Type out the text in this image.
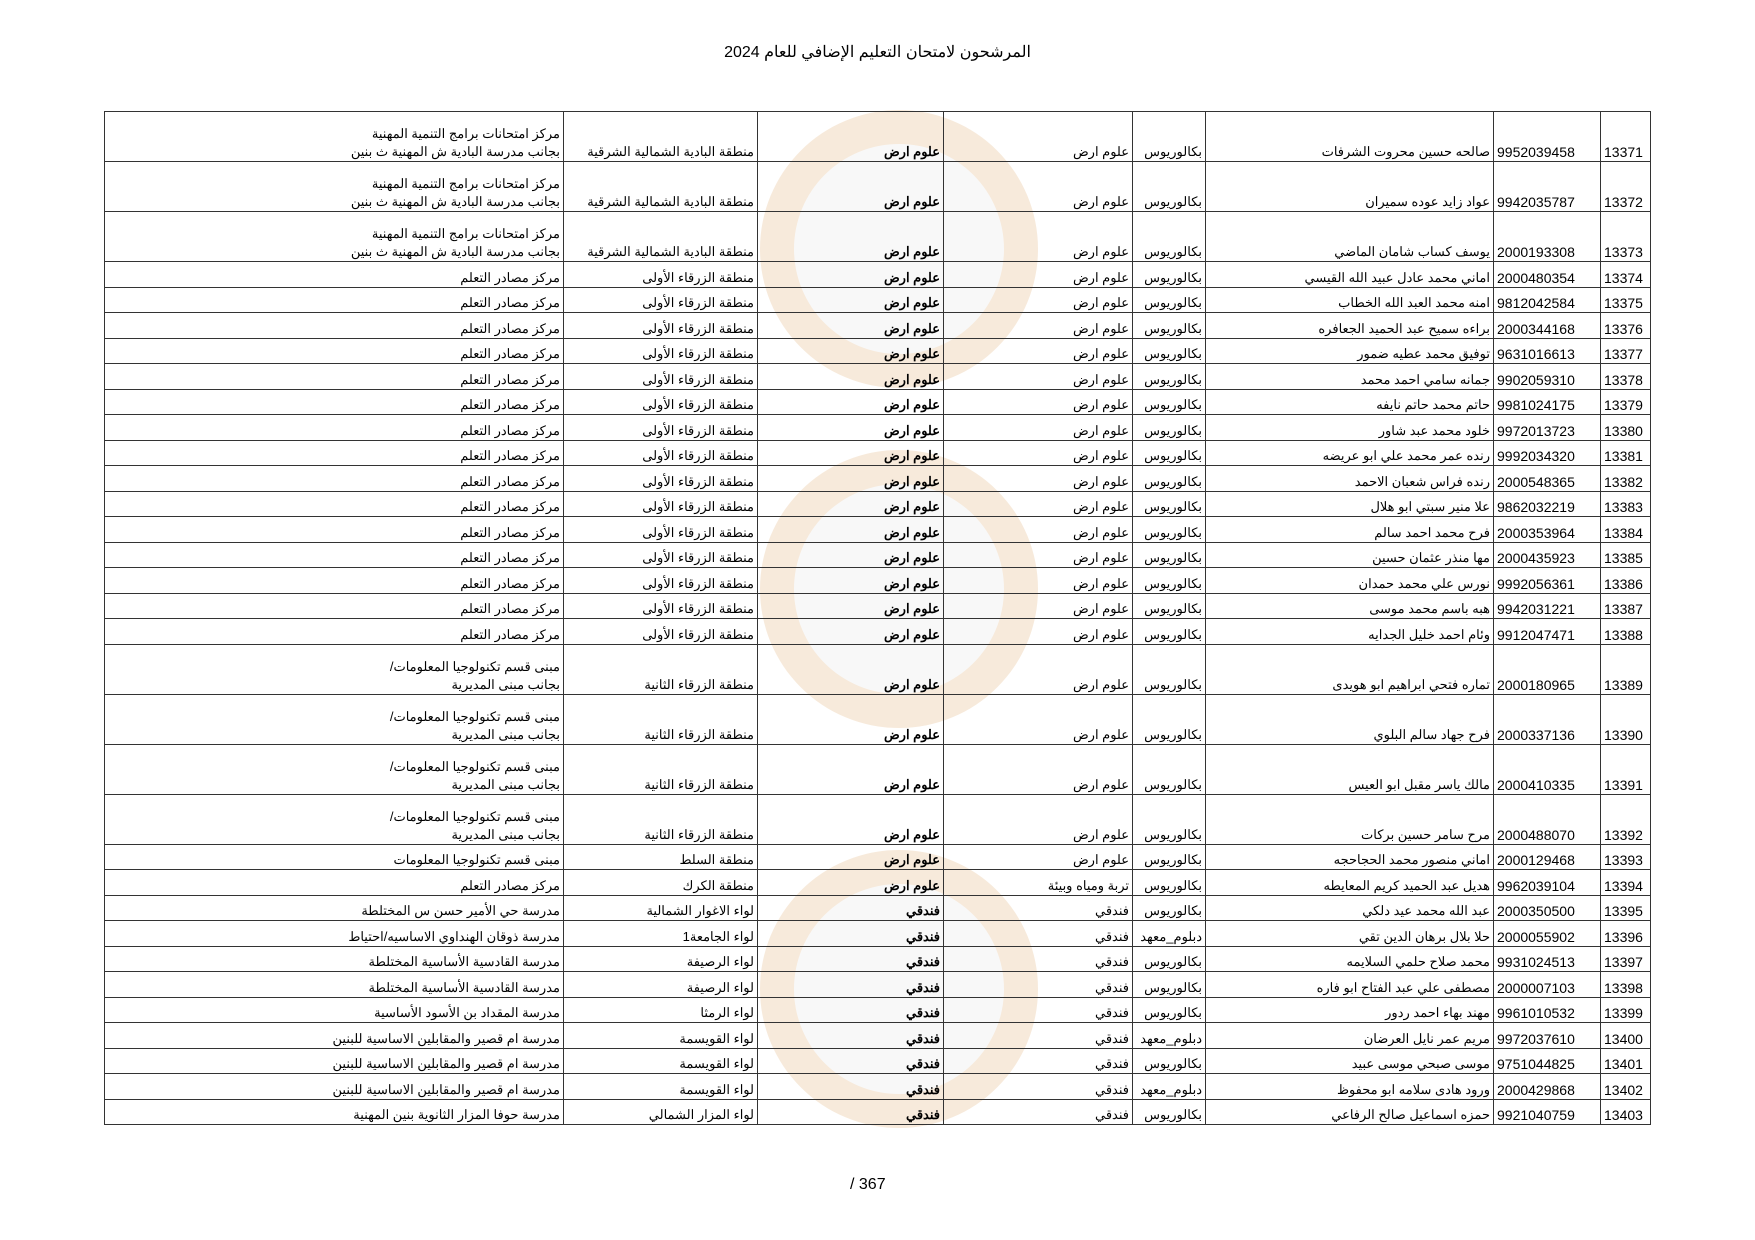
المرشحون لامتحان التعليم الإضافي للعام 2024
13371	9952039458	صالحه حسين محروت الشرفات	بكالوريوس	علوم ارض	علوم ارض	منطقة البادية الشمالية الشرقية	مركز امتحانات برامج التنمية المهنية
بجانب مدرسة البادية ش المهنية ث بنين

13372	9942035787	عواد زايد عوده سميران	بكالوريوس	علوم ارض	علوم ارض	منطقة البادية الشمالية الشرقية	مركز امتحانات برامج التنمية المهنية
بجانب مدرسة البادية ش المهنية ث بنين

13373	2000193308	يوسف كساب شامان الماضي	بكالوريوس	علوم ارض	علوم ارض	منطقة البادية الشمالية الشرقية	مركز امتحانات برامج التنمية المهنية
بجانب مدرسة البادية ش المهنية ث بنين

13374	2000480354	اماني محمد عادل عبيد الله القيسي	بكالوريوس	علوم ارض	علوم ارض	منطقة الزرقاء الأولى	مركز مصادر التعلم

13375	9812042584	امنه محمد العبد الله الخطاب	بكالوريوس	علوم ارض	علوم ارض	منطقة الزرقاء الأولى	مركز مصادر التعلم

13376	2000344168	براءه سميح عبد الحميد الجعافره	بكالوريوس	علوم ارض	علوم ارض	منطقة الزرقاء الأولى	مركز مصادر التعلم

13377	9631016613	توفيق محمد عطيه ضمور	بكالوريوس	علوم ارض	علوم ارض	منطقة الزرقاء الأولى	مركز مصادر التعلم

13378	9902059310	جمانه سامي احمد محمد	بكالوريوس	علوم ارض	علوم ارض	منطقة الزرقاء الأولى	مركز مصادر التعلم

13379	9981024175	حاتم محمد حاتم نايفه	بكالوريوس	علوم ارض	علوم ارض	منطقة الزرقاء الأولى	مركز مصادر التعلم

13380	9972013723	خلود محمد عبد شاور	بكالوريوس	علوم ارض	علوم ارض	منطقة الزرقاء الأولى	مركز مصادر التعلم

13381	9992034320	رنده عمر محمد علي ابو عريضه	بكالوريوس	علوم ارض	علوم ارض	منطقة الزرقاء الأولى	مركز مصادر التعلم

13382	2000548365	رنده فراس شعبان الاحمد	بكالوريوس	علوم ارض	علوم ارض	منطقة الزرقاء الأولى	مركز مصادر التعلم

13383	9862032219	علا منير سبتي ابو هلال	بكالوريوس	علوم ارض	علوم ارض	منطقة الزرقاء الأولى	مركز مصادر التعلم

13384	2000353964	فرح محمد احمد سالم	بكالوريوس	علوم ارض	علوم ارض	منطقة الزرقاء الأولى	مركز مصادر التعلم

13385	2000435923	مها منذر عثمان حسين	بكالوريوس	علوم ارض	علوم ارض	منطقة الزرقاء الأولى	مركز مصادر التعلم

13386	9992056361	نورس علي محمد حمدان	بكالوريوس	علوم ارض	علوم ارض	منطقة الزرقاء الأولى	مركز مصادر التعلم

13387	9942031221	هبه باسم محمد موسى	بكالوريوس	علوم ارض	علوم ارض	منطقة الزرقاء الأولى	مركز مصادر التعلم

13388	9912047471	وئام احمد خليل الجدايه	بكالوريوس	علوم ارض	علوم ارض	منطقة الزرقاء الأولى	مركز مصادر التعلم

13389	2000180965	تماره فتحي ابراهيم ابو هويدى	بكالوريوس	علوم ارض	علوم ارض	منطقة الزرقاء الثانية	مبنى قسم تكنولوجيا المعلومات/
بجانب مبنى المديرية

13390	2000337136	فرح جهاد سالم البلوي	بكالوريوس	علوم ارض	علوم ارض	منطقة الزرقاء الثانية	مبنى قسم تكنولوجيا المعلومات/
بجانب مبنى المديرية

13391	2000410335	مالك ياسر مقبل ابو العيس	بكالوريوس	علوم ارض	علوم ارض	منطقة الزرقاء الثانية	مبنى قسم تكنولوجيا المعلومات/
بجانب مبنى المديرية

13392	2000488070	مرح سامر حسين بركات	بكالوريوس	علوم ارض	علوم ارض	منطقة الزرقاء الثانية	مبنى قسم تكنولوجيا المعلومات/
بجانب مبنى المديرية

13393	2000129468	اماني منصور محمد الحجاحجه	بكالوريوس	علوم ارض	علوم ارض	منطقة السلط	مبنى قسم تكنولوجيا المعلومات

13394	9962039104	هديل عبد الحميد كريم المعايطه	بكالوريوس	تربة ومياه وبيئة	علوم ارض	منطقة الكرك	مركز مصادر التعلم

13395	2000350500	عبد الله محمد عيد دلكي	بكالوريوس	فندقي	فندقي	لواء الاغوار الشمالية	مدرسة حي الأمير حسن س المختلطة

13396	2000055902	حلا بلال برهان الدين تقي	دبلوم_معهد	فندقي	فندقي	لواء الجامعة1	مدرسة ذوقان الهنداوي الاساسيه/احتياط

13397	9931024513	محمد صلاح حلمي السلايمه	بكالوريوس	فندقي	فندقي	لواء الرصيفة	مدرسة القادسية الأساسية المختلطة

13398	2000007103	مصطفى علي عبد الفتاح ابو فاره	بكالوريوس	فندقي	فندقي	لواء الرصيفة	مدرسة القادسية الأساسية المختلطة

13399	9961010532	مهند بهاء احمد ردور	بكالوريوس	فندقي	فندقي	لواء الرمثا	مدرسة المقداد بن الأسود الأساسية

13400	9972037610	مريم عمر نايل العرضان	دبلوم_معهد	فندقي	فندقي	لواء القويسمة	مدرسة ام قصير والمقابلين الاساسية للبنين

13401	9751044825	موسى صبحي موسى عبيد	بكالوريوس	فندقي	فندقي	لواء القويسمة	مدرسة ام قصير والمقابلين الاساسية للبنين

13402	2000429868	ورود هادى سلامه ابو محفوظ	دبلوم_معهد	فندقي	فندقي	لواء القويسمة	مدرسة ام قصير والمقابلين الاساسية للبنين

13403	9921040759	حمزه اسماعيل صالح الرفاعي	بكالوريوس	فندقي	فندقي	لواء المزار الشمالي	مدرسة حوفا المزار الثانوية بنين المهنية
367 /
